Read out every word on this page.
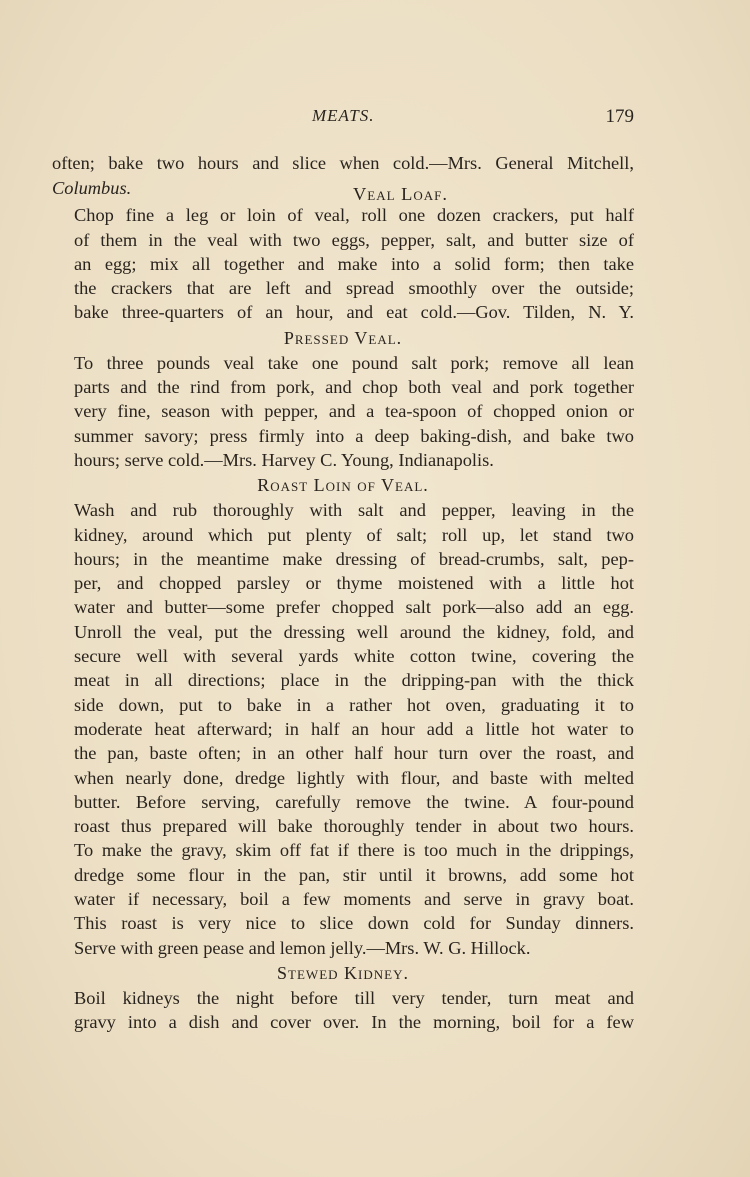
MEATS.	179

often; bake two hours and slice when cold.—Mrs. General Mitchell,

Columbus.	Veal Loaf.

Chop fine a leg or loin of veal, roll one dozen crackers, put half
of them in the veal with two eggs, pepper, salt, and butter size of
an egg; mix all together and make into a solid form; then take
the crackers that are left and spread smoothly over the outside;
bake three-quarters of an hour, and eat cold.—Gov. Tilden, N. Y.

Pressed Veal.

To three pounds veal take one pound salt pork; remove all lean
parts and the rind from pork, and chop both veal and pork together
very fine, season with pepper, and a tea-spoon of chopped onion or
summer savory; press firmly into a deep baking-dish, and bake two
hours; serve cold.—Mrs. Harvey C. Young, Indianapolis.

Roast Loin of Veal.

Wash and rub thoroughly with salt and pepper, leaving in the
kidney, around which put plenty of salt; roll up, let stand two
hours; in the meantime make dressing of bread-crumbs, salt, pep-
per, and chopped parsley or thyme moistened with a little hot
water and butter—some prefer chopped salt pork—also add an egg.
Unroll the veal, put the dressing well around the kidney, fold, and
secure well with several yards white cotton twine, covering the
meat in all directions; place in the dripping-pan with the thick
side down, put to bake in a rather hot oven, graduating it to
moderate heat afterward; in half an hour add a little hot water to
the pan, baste often; in an other half hour turn over the roast, and
when nearly done, dredge lightly with flour, and baste with melted
butter. Before serving, carefully remove the twine. A four-pound
roast thus prepared will bake thoroughly tender in about two hours.
To make the gravy, skim off fat if there is too much in the drippings,
dredge some flour in the pan, stir until it browns, add some hot
water if necessary, boil a few moments and serve in gravy boat.
This roast is very nice to slice down cold for Sunday dinners.
Serve with green pease and lemon jelly.—Mrs. W. G. Hillock.

Stewed Kidney.

Boil kidneys the night before till very tender, turn meat and
gravy into a dish and cover over. In the morning, boil for a few
